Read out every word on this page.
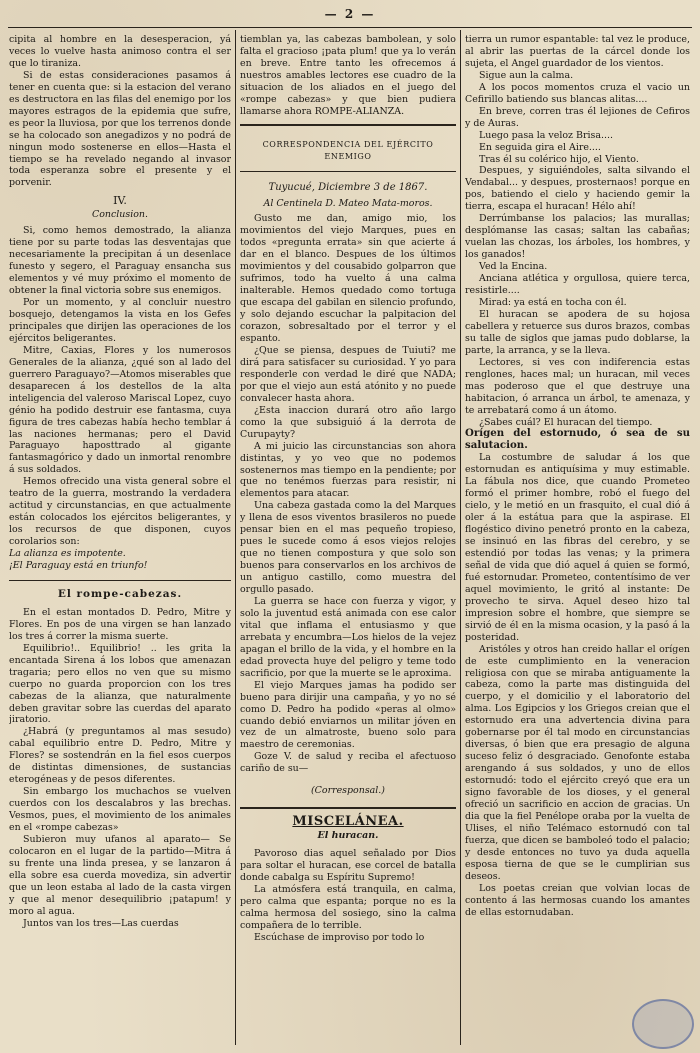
— 2 —

cipita al hombre en la desesperacion, yá veces lo vuelve hasta animoso contra el ser que lo tiraniza.

Si de estas consideraciones pasamos á tener en cuenta que: si la estacion del verano es destructora en las filas del enemigo por los mayores estragos de la epidemia que sufre, es peor la lluviosa, por que los terrenos donde se ha colocado son anegadizos y no podrá de ningun modo sostenerse en ellos—Hasta el tiempo se ha revelado negando al invasor toda esperanza sobre el presente y el porvenir.

IV.
Conclusion.

Si, como hemos demostrado, la alianza tiene por su parte todas las desventajas que necesariamente la precipitan á un desenlace funesto y segero, el Paraguay ensancha sus elementos y vé muy próximo el momento de obtener la final victoria sobre sus enemigos.

Por un momento, y al concluir nuestro bosquejo, detengamos la vista en los Gefes principales que dirijen las operaciones de los ejércitos beligerantes.

Mitre, Caxias, Flores y los numerosos Generales de la alianza, ¿qué son al lado del guerrero Paraguayo?—Atomos miserables que desaparecen á los destellos de la alta inteligencia del valeroso Mariscal Lopez, cuyo génio ha podido destruir ese fantasma, cuya figura de tres cabezas había hecho temblar á las naciones hermanas; pero el David Paraguayo haposttrado al gigante fantasmagórico y dado un inmortal renombre á sus soldados.

Hemos ofrecido una vista general sobre el teatro de la guerra, mostrando la verdadera actitud y circunstancias, en que actualmente están colocados los ejércitos beligerantes, y los recursos de que disponen, cuyos corolarios son:

La alianza es impotente.

¡El Paraguay está en triunfo!

El rompe-cabezas.

En el estan montados D. Pedro, Mitre y Flores. En pos de una virgen se han lanzado los tres á correr la misma suerte.

Equilibrio!.. Equilibrio! .. les grita la encantada Sirena á los lobos que amenazan tragaria; pero ellos no ven que su mismo cuerpo no guarda proporcion con los tres cabezas de la alianza, que naturalmente deben gravitar sobre las cuerdas del aparato jiratorio.

¿Habrá (y preguntamos al mas sesudo) cabal equilibrio entre D. Pedro, Mitre y Flores? se sostendrán en la fiel esos cuerpos de distintas dimensiones, de sustancias eterogéneas y de pesos diferentes.

Sin embargo los muchachos se vuelven cuerdos con los descalabros y las brechas. Vesmos, pues, el movimiento de los animales en el «rompe cabezas»

Subieron muy ufanos al aparato— Se colocaron en el lugar de la partido—Mitra á su frente una linda presea, y se lanzaron á ella sobre esa cuerda movediza, sin advertir que un leon estaba al lado de la casta virgen y que al menor desequilibrio ¡patapum! y moro al agua.

Juntos van los tres—Las cuerdas

tiemblan ya, las cabezas bambolean, y solo falta el gracioso ¡pata plum! que ya lo verán en breve. Entre tanto les ofrecemos á nuestros amables lectores ese cuadro de la situacion de los aliados en el juego del «rompe cabezas» y que bien pudiera llamarse ahora ROMPE-ALIANZA.

CORRESPONDENCIA DEL EJÉRCITO ENEMIGO
Tuyucué, Diciembre 3 de 1867.
Al Centinela D. Mateo Mata-moros.

Gusto me dan, amigo mio, los movimientos del viejo Marques, pues en todos «pregunta errata» sin que acierte á dar en el blanco. Despues de los últimos movimientos y del cousabido golparron que sufrimos, todo ha vuelto á una calma inalterable. Hemos quedado como tortuga que escapa del gabilan en silencio profundo, y solo dejando escuchar la palpitacion del corazon, sobresaltado por el terror y el espanto.

¿Que se piensa, despues de Tuiuti? me dirá para satisfacer su curiosidad. Y yo para responderle con verdad le diré que NADA; por que el viejo aun está atónito y no puede convalecer hasta ahora.

¿Esta inaccion durará otro año largo como la que subsiguió á la derrota de Curupayty?

A mi juicio las circunstancias son ahora distintas, y yo veo que no podemos sostenernos mas tiempo en la pendiente; por que no tenémos fuerzas para resistir, ni elementos para atacar.

Una cabeza gastada como la del Marques y llena de esos viventos brasileros no puede pensar bien en el mas pequeño tropieso, pues le sucede como á esos viejos relojes que no tienen compostura y que solo son buenos para conservarlos en los archivos de un antiguo castillo, como muestra del orgullo pasado.

La guerra se hace con fuerza y vigor, y solo la juventud está animada con ese calor vital que inflama el entusiasmo y que arrebata y encumbra—Los hielos de la vejez apagan el brillo de la vida, y el hombre en la edad provecta huye del peligro y teme todo sacrificio, por que la muerte se le aproxima.

El viejo Marques jamas ha podido ser bueno para dirijir una campaña, y yo no sé como D. Pedro ha podido «peras al olmo» cuando debió enviarnos un militar jóven en vez de un almatroste, bueno solo para maestro de ceremonias.

Goze V. de salud y reciba el afectuoso cariño de su—

(Corresponsal.)
MISCELÁNEA.
El huracan.

Pavoroso dias aquel señalado por Dios para soltar el huracan, ese corcel de batalla donde cabalga su Espíritu Supremo!

La atmósfera está tranquila, en calma, pero calma que espanta; porque no es la calma hermosa del sosiego, sino la calma compañera de lo terrible.

Escúchase de improviso por todo lo

tierra un rumor espantable: tal vez le produce, al abrir las puertas de la cárcel donde los sujeta, el Angel guardador de los vientos.

Sigue aun la calma.

A los pocos momentos cruza el vacio un Cefirillo batiendo sus blancas alitas....

En breve, corren tras él lejiones de Cefiros y de Auras.

Luego pasa la veloz Brisa....

En seguida gira el Aire....

Tras él su colérico hijo, el Viento.

Despues, y siguiéndoles, salta silvando el Vendabal... y despues, prosternaos! porque en pos, batiendo el cielo y haciendo gemir la tierra, escapa el huracan! Hélo ahí!

Derrúmbanse los palacios; las murallas; desplómanse las casas; saltan las cabañas; vuelan las chozas, los árboles, los hombres, y los ganados!

Ved la Encina.

Anciana atlética y orgullosa, quiere terca, resistirle....

Mirad: ya está en tocha con él.

El huracan se apodera de su hojosa cabellera y retuerce sus duros brazos, combas su talle de siglos que jamas pudo doblarse, la parte, la arranca, y se la lleva.

Lectores, si ves con indiferencia estas renglones, haces mal; un huracan, mil veces mas poderoso que el que destruye una habitacion, ó arranca un árbol, te amenaza, y te arrebatará como á un átomo.

¿Sabes cuál? El huracan del tiempo.

Orígen del estornudo, ó sea de su salutacion.

La costumbre de saludar á los que estornudan es antiquísima y muy estimable. La fábula nos dice, que cuando Prometeo formó el primer hombre, robó el fuego del cielo, y le metió en un frasquito, el cual dió á oler á la estátua para que la aspirase. El flogéstico divino penetró pronto en la cabeza, se insinuó en las fibras del cerebro, y se estendió por todas las venas; y la primera señal de vida que dió aquel á quien se formó, fué estornudar. Prometeo, contentísimo de ver aquel movimiento, le gritó al instante: De provecho te sirva. Aquel deseo hizo tal impresion sobre el hombre, que siempre se sirvió de él en la misma ocasion, y la pasó á la posteridad.

Aristóles y otros han creido hallar el orígen de este cumplimiento en la veneracion religiosa con que se miraba antiguamente la cabeza, como la parte mas distinguida del cuerpo, y el domicilio y el laboratorio del alma. Los Egipcios y los Griegos creian que el estornudo era una advertencia divina para gobernarse por él tal modo en circunstancias diversas, ó bien que era presagio de alguna suceso feliz ó desgraciado. Genofonte estaba arengando á sus soldados, y uno de ellos estornudó: todo el ejército creyó que era un signo favorable de los dioses, y el general ofreció un sacrificio en accion de gracias. Un dia que la fiel Penélope oraba por la vuelta de Ulises, el niño Telémaco estornudó con tal fuerza, que dicen se bamboleó todo el palacio; y desde entonces no tuvo ya duda aquella esposa tierna de que se le cumplirian sus deseos.

Los poetas creian que volvian locas de contento á las hermosas cuando los amantes de ellas estornudaban.
